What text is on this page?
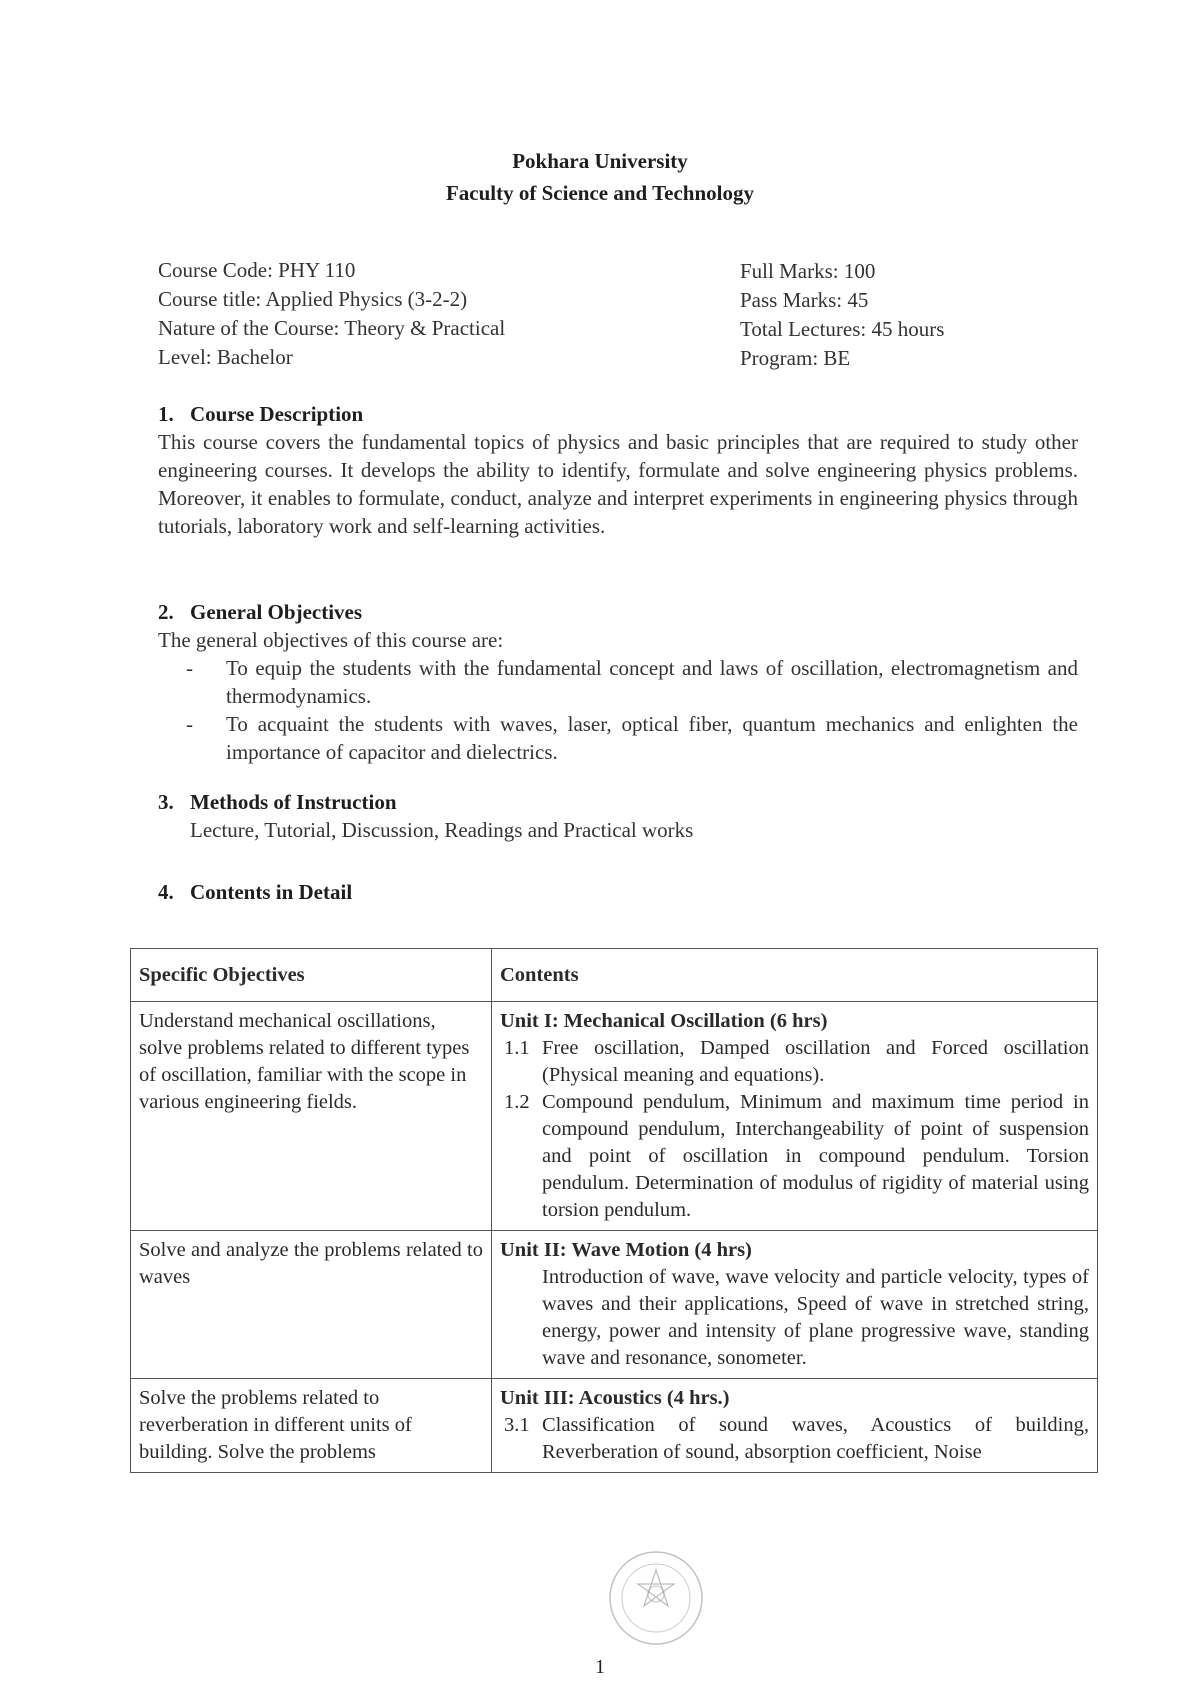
Pokhara University
Faculty of Science and Technology
Course Code: PHY 110
Course title: Applied Physics (3-2-2)
Nature of the Course: Theory & Practical
Level: Bachelor
Full Marks: 100
Pass Marks: 45
Total Lectures: 45 hours
Program: BE
1. Course Description
This course covers the fundamental topics of physics and basic principles that are required to study other engineering courses. It develops the ability to identify, formulate and solve engineering physics problems. Moreover, it enables to formulate, conduct, analyze and interpret experiments in engineering physics through tutorials, laboratory work and self-learning activities.
2. General Objectives
The general objectives of this course are:
- To equip the students with the fundamental concept and laws of oscillation, electromagnetism and thermodynamics.
- To acquaint the students with waves, laser, optical fiber, quantum mechanics and enlighten the importance of capacitor and dielectrics.
3. Methods of Instruction
Lecture, Tutorial, Discussion, Readings and Practical works
4. Contents in Detail
Specific Objectives	Contents
Understand mechanical oscillations, solve problems related to different types of oscillation, familiar with the scope in various engineering fields.	Unit I: Mechanical Oscillation (6 hrs)
1.1 Free oscillation, Damped oscillation and Forced oscillation (Physical meaning and equations).
1.2 Compound pendulum, Minimum and maximum time period in compound pendulum, Interchangeability of point of suspension and point of oscillation in compound pendulum. Torsion pendulum. Determination of modulus of rigidity of material using torsion pendulum.

Solve and analyze the problems related to waves	Unit II: Wave Motion (4 hrs)
Introduction of wave, wave velocity and particle velocity, types of waves and their applications, Speed of wave in stretched string, energy, power and intensity of plane progressive wave, standing wave and resonance, sonometer.

Solve the problems related to reverberation in different units of building. Solve the problems	Unit III: Acoustics (4 hrs.)
3.1 Classification of sound waves, Acoustics of building, Reverberation of sound, absorption coefficient, Noise
1
